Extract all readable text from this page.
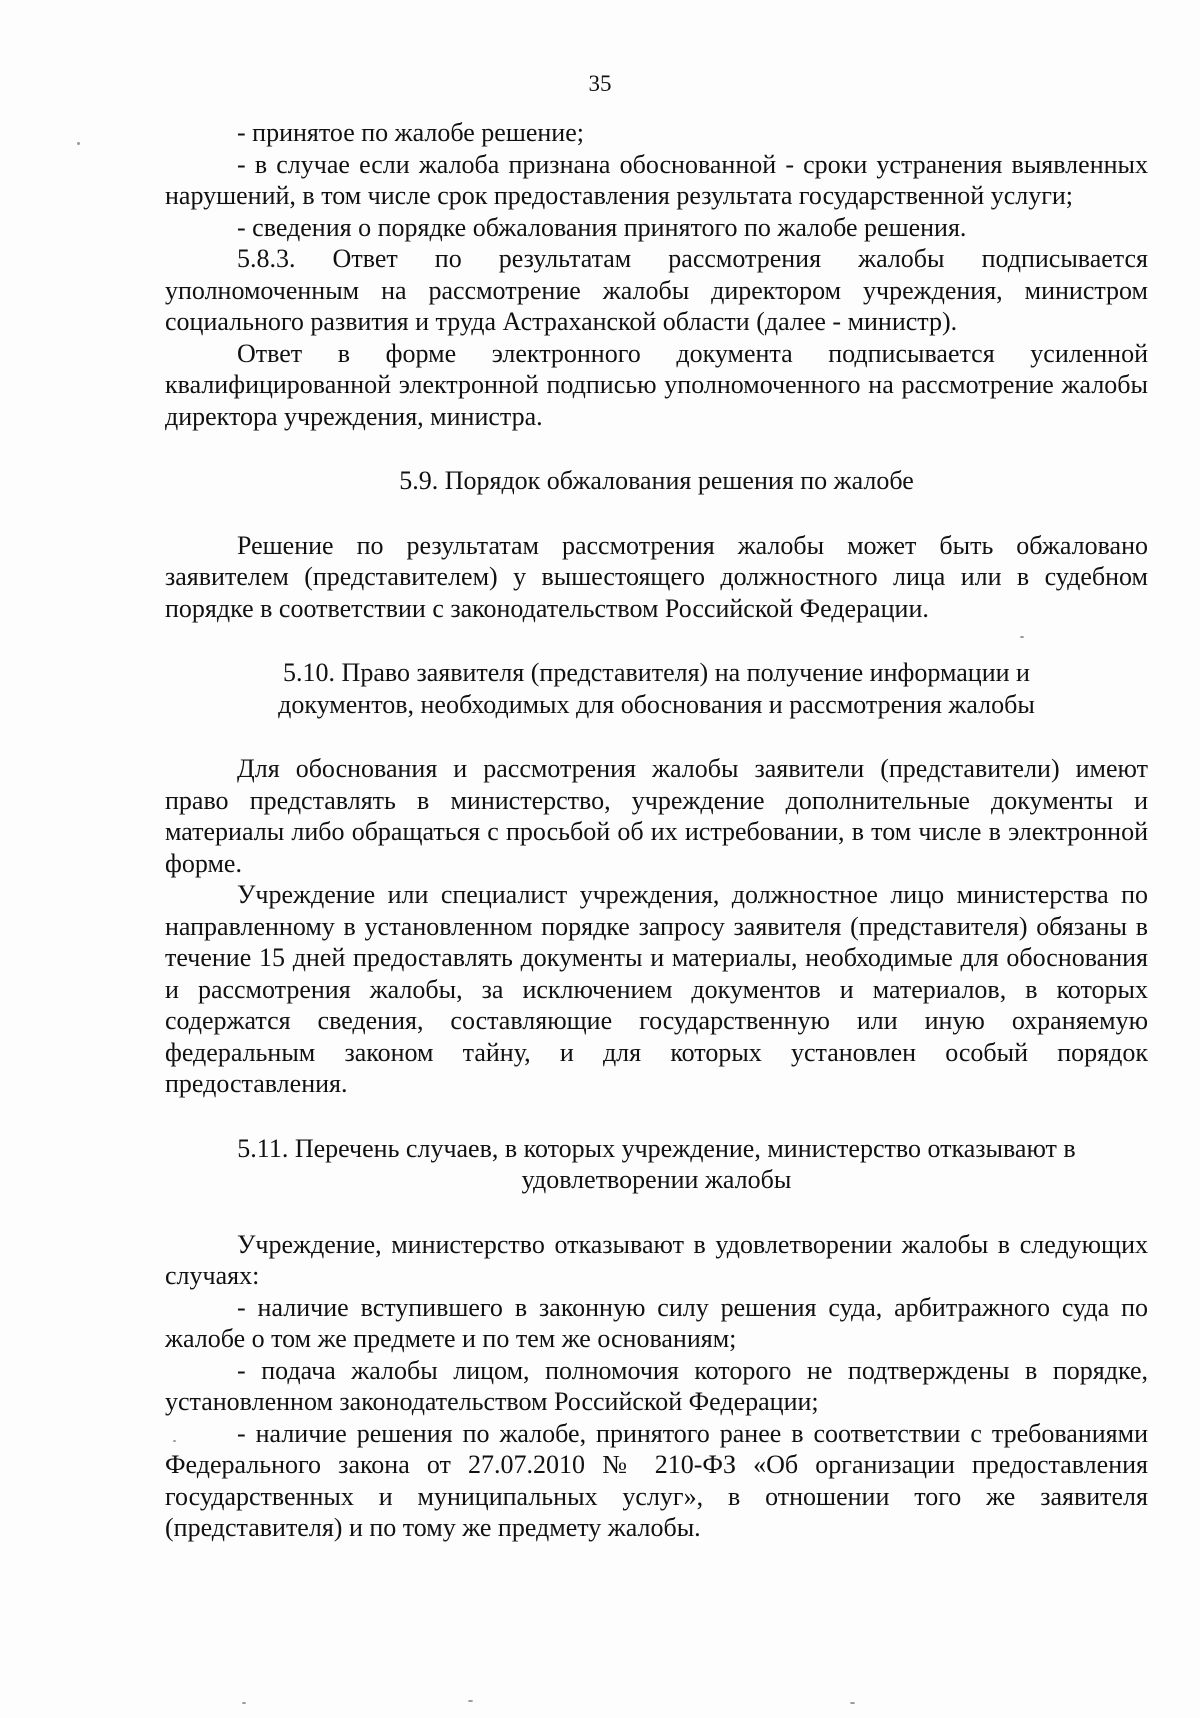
35

- принятое по жалобе решение;

- в случае если жалоба признана обоснованной - сроки устранения выявленных нарушений, в том числе срок предоставления результата государственной услуги;

- сведения о порядке обжалования принятого по жалобе решения.

5.8.3. Ответ по результатам рассмотрения жалобы подписывается уполномоченным на рассмотрение жалобы директором учреждения, министром социального развития и труда Астраханской области (далее - министр).

Ответ в форме электронного документа подписывается усиленной квалифицированной электронной подписью уполномоченного на рассмотрение жалобы директора учреждения, министра.

5.9. Порядок обжалования решения по жалобе

Решение по результатам рассмотрения жалобы может быть обжаловано заявителем (представителем) у вышестоящего должностного лица или в судебном порядке в соответствии с законодательством Российской Федерации.

5.10. Право заявителя (представителя) на получение информации и документов, необходимых для обоснования и рассмотрения жалобы

Для обоснования и рассмотрения жалобы заявители (представители) имеют право представлять в министерство, учреждение дополнительные документы и материалы либо обращаться с просьбой об их истребовании, в том числе в электронной форме.

Учреждение или специалист учреждения, должностное лицо министерства по направленному в установленном порядке запросу заявителя (представителя) обязаны в течение 15 дней предоставлять документы и материалы, необходимые для обоснования и рассмотрения жалобы, за исключением документов и материалов, в которых содержатся сведения, составляющие государственную или иную охраняемую федеральным законом тайну, и для которых установлен особый порядок предоставления.

5.11. Перечень случаев, в которых учреждение, министерство отказывают в удовлетворении жалобы

Учреждение, министерство отказывают в удовлетворении жалобы в следующих случаях:

- наличие вступившего в законную силу решения суда, арбитражного суда по жалобе о том же предмете и по тем же основаниям;

- подача жалобы лицом, полномочия которого не подтверждены в порядке, установленном законодательством Российской Федерации;

- наличие решения по жалобе, принятого ранее в соответствии с требованиями Федерального закона от 27.07.2010 № 210-ФЗ «Об организации предоставления государственных и муниципальных услуг», в отношении того же заявителя (представителя) и по тому же предмету жалобы.
